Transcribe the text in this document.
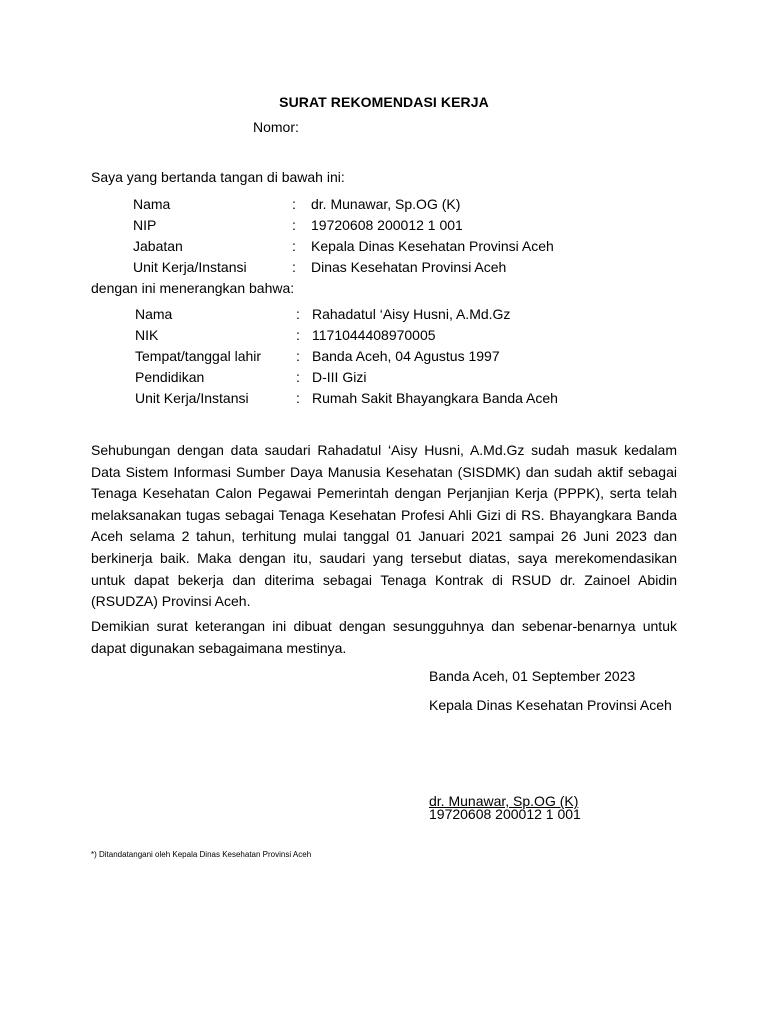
SURAT REKOMENDASI KERJA
Nomor:
Saya yang bertanda tangan di bawah ini:
Nama	: dr. Munawar, Sp.OG (K)
NIP	: 19720608 200012 1 001
Jabatan	: Kepala Dinas Kesehatan Provinsi Aceh
Unit Kerja/Instansi	: Dinas Kesehatan Provinsi Aceh
dengan ini menerangkan bahwa:
Nama	: Rahadatul ‘Aisy Husni, A.Md.Gz
NIK	: 1171044408970005
Tempat/tanggal lahir : Banda Aceh, 04 Agustus 1997
Pendidikan	: D-III Gizi
Unit Kerja/Instansi	: Rumah Sakit Bhayangkara Banda Aceh

Sehubungan dengan data saudari Rahadatul ‘Aisy Husni, A.Md.Gz sudah masuk kedalam Data Sistem Informasi Sumber Daya Manusia Kesehatan (SISDMK) dan sudah aktif sebagai Tenaga Kesehatan Calon Pegawai Pemerintah dengan Perjanjian Kerja (PPPK), serta telah melaksanakan tugas sebagai Tenaga Kesehatan Profesi Ahli Gizi di RS. Bhayangkara Banda Aceh selama 2 tahun, terhitung mulai tanggal 01 Januari 2021 sampai 26 Juni 2023 dan berkinerja baik. Maka dengan itu, saudari yang tersebut diatas, saya merekomendasikan untuk dapat bekerja dan diterima sebagai Tenaga Kontrak di RSUD dr. Zainoel Abidin (RSUDZA) Provinsi Aceh.

Demikian surat keterangan ini dibuat dengan sesungguhnya dan sebenar-benarnya untuk dapat digunakan sebagaimana mestinya.

Banda Aceh, 01 September 2023
Kepala Dinas Kesehatan Provinsi Aceh
dr. Munawar, Sp.OG (K)
19720608 200012 1 001
*) Ditandatangani oleh Kepala Dinas Kesehatan Provinsi Aceh
